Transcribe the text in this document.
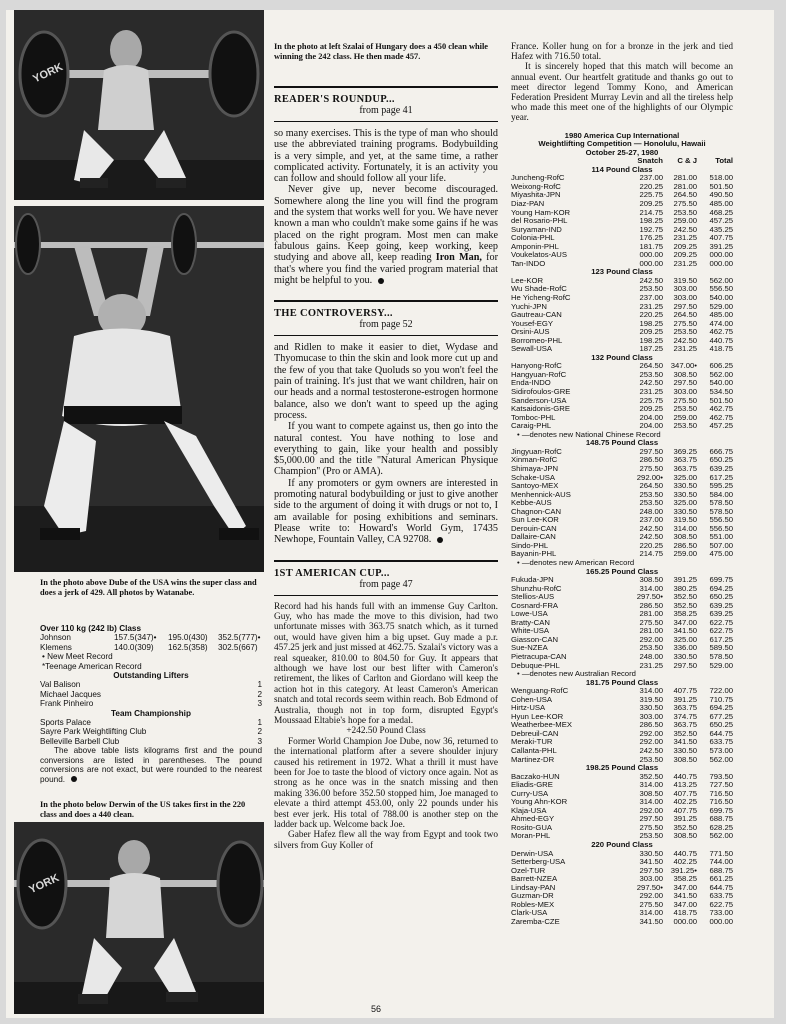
YORK

In the photo above Dube of the USA wins the super class and does a jerk of 429. All photos by Watanabe.

Over 110 kg (242 lb) Class
Johnson	157.5(347)•	195.0(430)	352.5(777)•
Klemens	140.0(309)	162.5(358)	302.5(667)
• New Meet Record
*Teenage American Record
Outstanding Lifters
Val Balison	1
Michael Jacques	2
Frank Pinheiro	3
Team Championship
Sports Palace	1
Sayre Park Weightlifting Club	2
Belleville Barbell Club	3

The above table lists kilograms first and the pound conversions are listed in parentheses. The pound conversions are not exact, but were rounded to the nearest pound.

In the photo below Derwin of the US takes first in the 220 class and does a 440 clean.

YORK

In the photo at left Szalai of Hungary does a 450 clean while winning the 242 class. He then made 457.

READER'S ROUNDUP...
from page 41

so many exercises. This is the type of man who should use the abbreviated training programs. Bodybuilding is a very simple, and yet, at the same time, a rather complicated activity. Fortunately, it is an activity you can follow and should follow all your life.

Never give up, never become discouraged. Somewhere along the line you will find the program and the system that works well for you. We have never known a man who couldn't make some gains if he was placed on the right program. Most men can make fabulous gains. Keep going, keep working, keep studying and above all, keep reading Iron Man, for that's where you find the varied program material that might be helpful to you.

THE CONTROVERSY...
from page 52

and Ridlen to make it easier to diet, Wydase and Thyomucase to thin the skin and look more cut up and the few of you that take Quoluds so you won't feel the pain of training. It's just that we want children, hair on our heads and a normal testosterone-estrogen hormone balance, also we don't want to speed up the aging process.

If you want to compete against us, then go into the natural contest. You have nothing to lose and everything to gain, like your health and possibly $5,000.00 and the title ''Natural American Physique Champion'' (Pro or AMA).

If any promoters or gym owners are interested in promoting natural bodybuilding or just to give another side to the argument of doing it with drugs or not to, I am available for posing exhibitions and seminars. Please write to: Howard's World Gym, 17435 Newhope, Fountain Valley, CA 92708.

1ST AMERICAN CUP...
from page 47

Record had his hands full with an immense Guy Carlton. Guy, who has made the move to this division, had two unfortunate misses with 363.75 snatch which, as it turned out, would have given him a big upset. Guy made a p.r. 457.25 jerk and just missed at 462.75. Szalai's victory was a real squeaker, 810.00 to 804.50 for Guy. It appears that although we have lost our best lifter with Cameron's retirement, the likes of Carlton and Giordano will keep the action hot in this category. At least Cameron's American snatch and total records seem within reach. Bob Edmond of Australia, though not in top form, disrupted Egypt's Moussaad Eltabie's hope for a medal.

+242.50 Pound Class

Former World Champion Joe Dube, now 36, returned to the international platform after a severe shoulder injury caused his retirement in 1972. What a thrill it must have been for Joe to taste the blood of victory once again. Not as strong as he once was in the snatch missing and then making 336.00 before 352.50 stopped him, Joe managed to elevate a third attempt 453.00, only 22 pounds under his best ever jerk. His total of 788.00 is another step on the ladder back up. Welcome back Joe.

Gaber Hafez flew all the way from Egypt and took two silvers from Guy Koller of

France. Koller hung on for a bronze in the jerk and tied Hafez with 716.50 total.

It is sincerely hoped that this match will become an annual event. Our heartfelt gratitude and thanks go out to meet director legend Tommy Kono, and American Federation President Murray Levin and all the tireless help who made this meet one of the highlights of our Olympic year.

1980 America Cup International
Weightlifting Competition — Honolulu, Hawaii
October 25-27, 1980
Snatch	C & J	Total
114 Pound Class
Juncheng-RofC	237.00	281.00	518.00
Weixong-RofC	220.25	281.00	501.50
Miyashita-JPN	225.75	264.50	490.50
Diaz-PAN	209.25	275.50	485.00
Young Ham-KOR	214.75	253.50	468.25
del Rosario-PHL	198.25	259.00	457.25
Suryaman-IND	192.75	242.50	435.25
Colonia-PHL	176.25	231.25	407.75
Amponin-PHL	181.75	209.25	391.25
Voukelatos-AUS	000.00	209.25	000.00
Tan-INDO	000.00	231.25	000.00
123 Pound Class
Lee-KOR	242.50	319.50	562.00
Wu Shade-RofC	253.50	303.00	556.50
He Yicheng-RofC	237.00	303.00	540.00
Yuchi-JPN	231.25	297.50	529.00
Gautreau-CAN	220.25	264.50	485.00
Yousef-EGY	198.25	275.50	474.00
Orsini-AUS	209.25	253.50	462.75
Borromeo-PHL	198.25	242.50	440.75
Sewall-USA	187.25	231.25	418.75
132 Pound Class
Hanyong-RofC	264.50	347.00•	606.25
Hangyuan-RofC	253.50	308.50	562.00
Enda-INDO	242.50	297.50	540.00
Sidirofoulos-GRE	231.25	303.00	534.50
Sanderson-USA	225.75	275.50	501.50
Katsaidonis-GRE	209.25	253.50	462.75
Tomboc-PHL	204.00	259.00	462.75
Caraig-PHL	204.00	253.50	457.25
• —denotes new National Chinese Record
148.75 Pound Class
Jingyuan-RofC	297.50	369.25	666.75
Xinman-RofC	286.50	363.75	650.25
Shimaya-JPN	275.50	363.75	639.25
Schake-USA	292.00•	325.00	617.25
Santoyo-MEX	264.50	330.50	595.25
Menhennick-AUS	253.50	330.50	584.00
Kebbe-AUS	253.50	325.00	578.50
Chagnon-CAN	248.00	330.50	578.50
Sun Lee-KOR	237.00	319.50	556.50
Derouin-CAN	242.50	314.00	556.50
Dallaire-CAN	242.50	308.50	551.00
Sindo-PHL	220.25	286.50	507.00
Bayanin-PHL	214.75	259.00	475.00
• —denotes new American Record
165.25 Pound Class
Fukuda-JPN	308.50	391.25	699.75
Shunzhu-RofC	314.00	380.25	694.25
Stellios-AUS	297.50•	352.50	650.25
Cosnard-FRA	286.50	352.50	639.25
Lowe-USA	281.00	358.25	639.25
Bratty-CAN	275.50	347.00	622.75
White-USA	281.00	341.50	622.75
Giasson-CAN	292.00	325.00	617.25
Sue-NZEA	253.50	336.00	589.50
Pietracupa-CAN	248.00	330.50	578.50
Debuque-PHL	231.25	297.50	529.00
• —denotes new Australian Record
181.75 Pound Class
Wenguang-RofC	314.00	407.75	722.00
Cohen-USA	319.50	391.25	710.75
Hirtz-USA	330.50	363.75	694.25
Hyun Lee-KOR	303.00	374.75	677.25
Weatherbee-MEX	286.50	363.75	650.25
Debreuil-CAN	292.00	352.50	644.75
Meraki-TUR	292.00	341.50	633.75
Callanta-PHL	242.50	330.50	573.00
Martinez-DR	253.50	308.50	562.00
198.25 Pound Class
Baczako-HUN	352.50	440.75	793.50
Eliadis-GRE	314.00	413.25	727.50
Curry-USA	308.50	407.75	716.50
Young Ahn-KOR	314.00	402.25	716.50
Klaja-USA	292.00	407.75	699.75
Ahmed-EGY	297.50	391.25	688.75
Rosito-GUA	275.50	352.50	628.25
Moran-PHL	253.50	308.50	562.00
220 Pound Class
Derwin-USA	330.50	440.75	771.50
Setterberg-USA	341.50	402.25	744.00
Ozel-TUR	297.50	391.25•	688.75
Barrett-NZEA	303.00	358.25	661.25
Lindsay-PAN	297.50•	347.00	644.75
Guzman-DR	292.00	341.50	633.75
Robles-MEX	275.50	347.00	622.75
Clark-USA	314.00	418.75	733.00
Zaremba-CZE	341.50	000.00	000.00
56
